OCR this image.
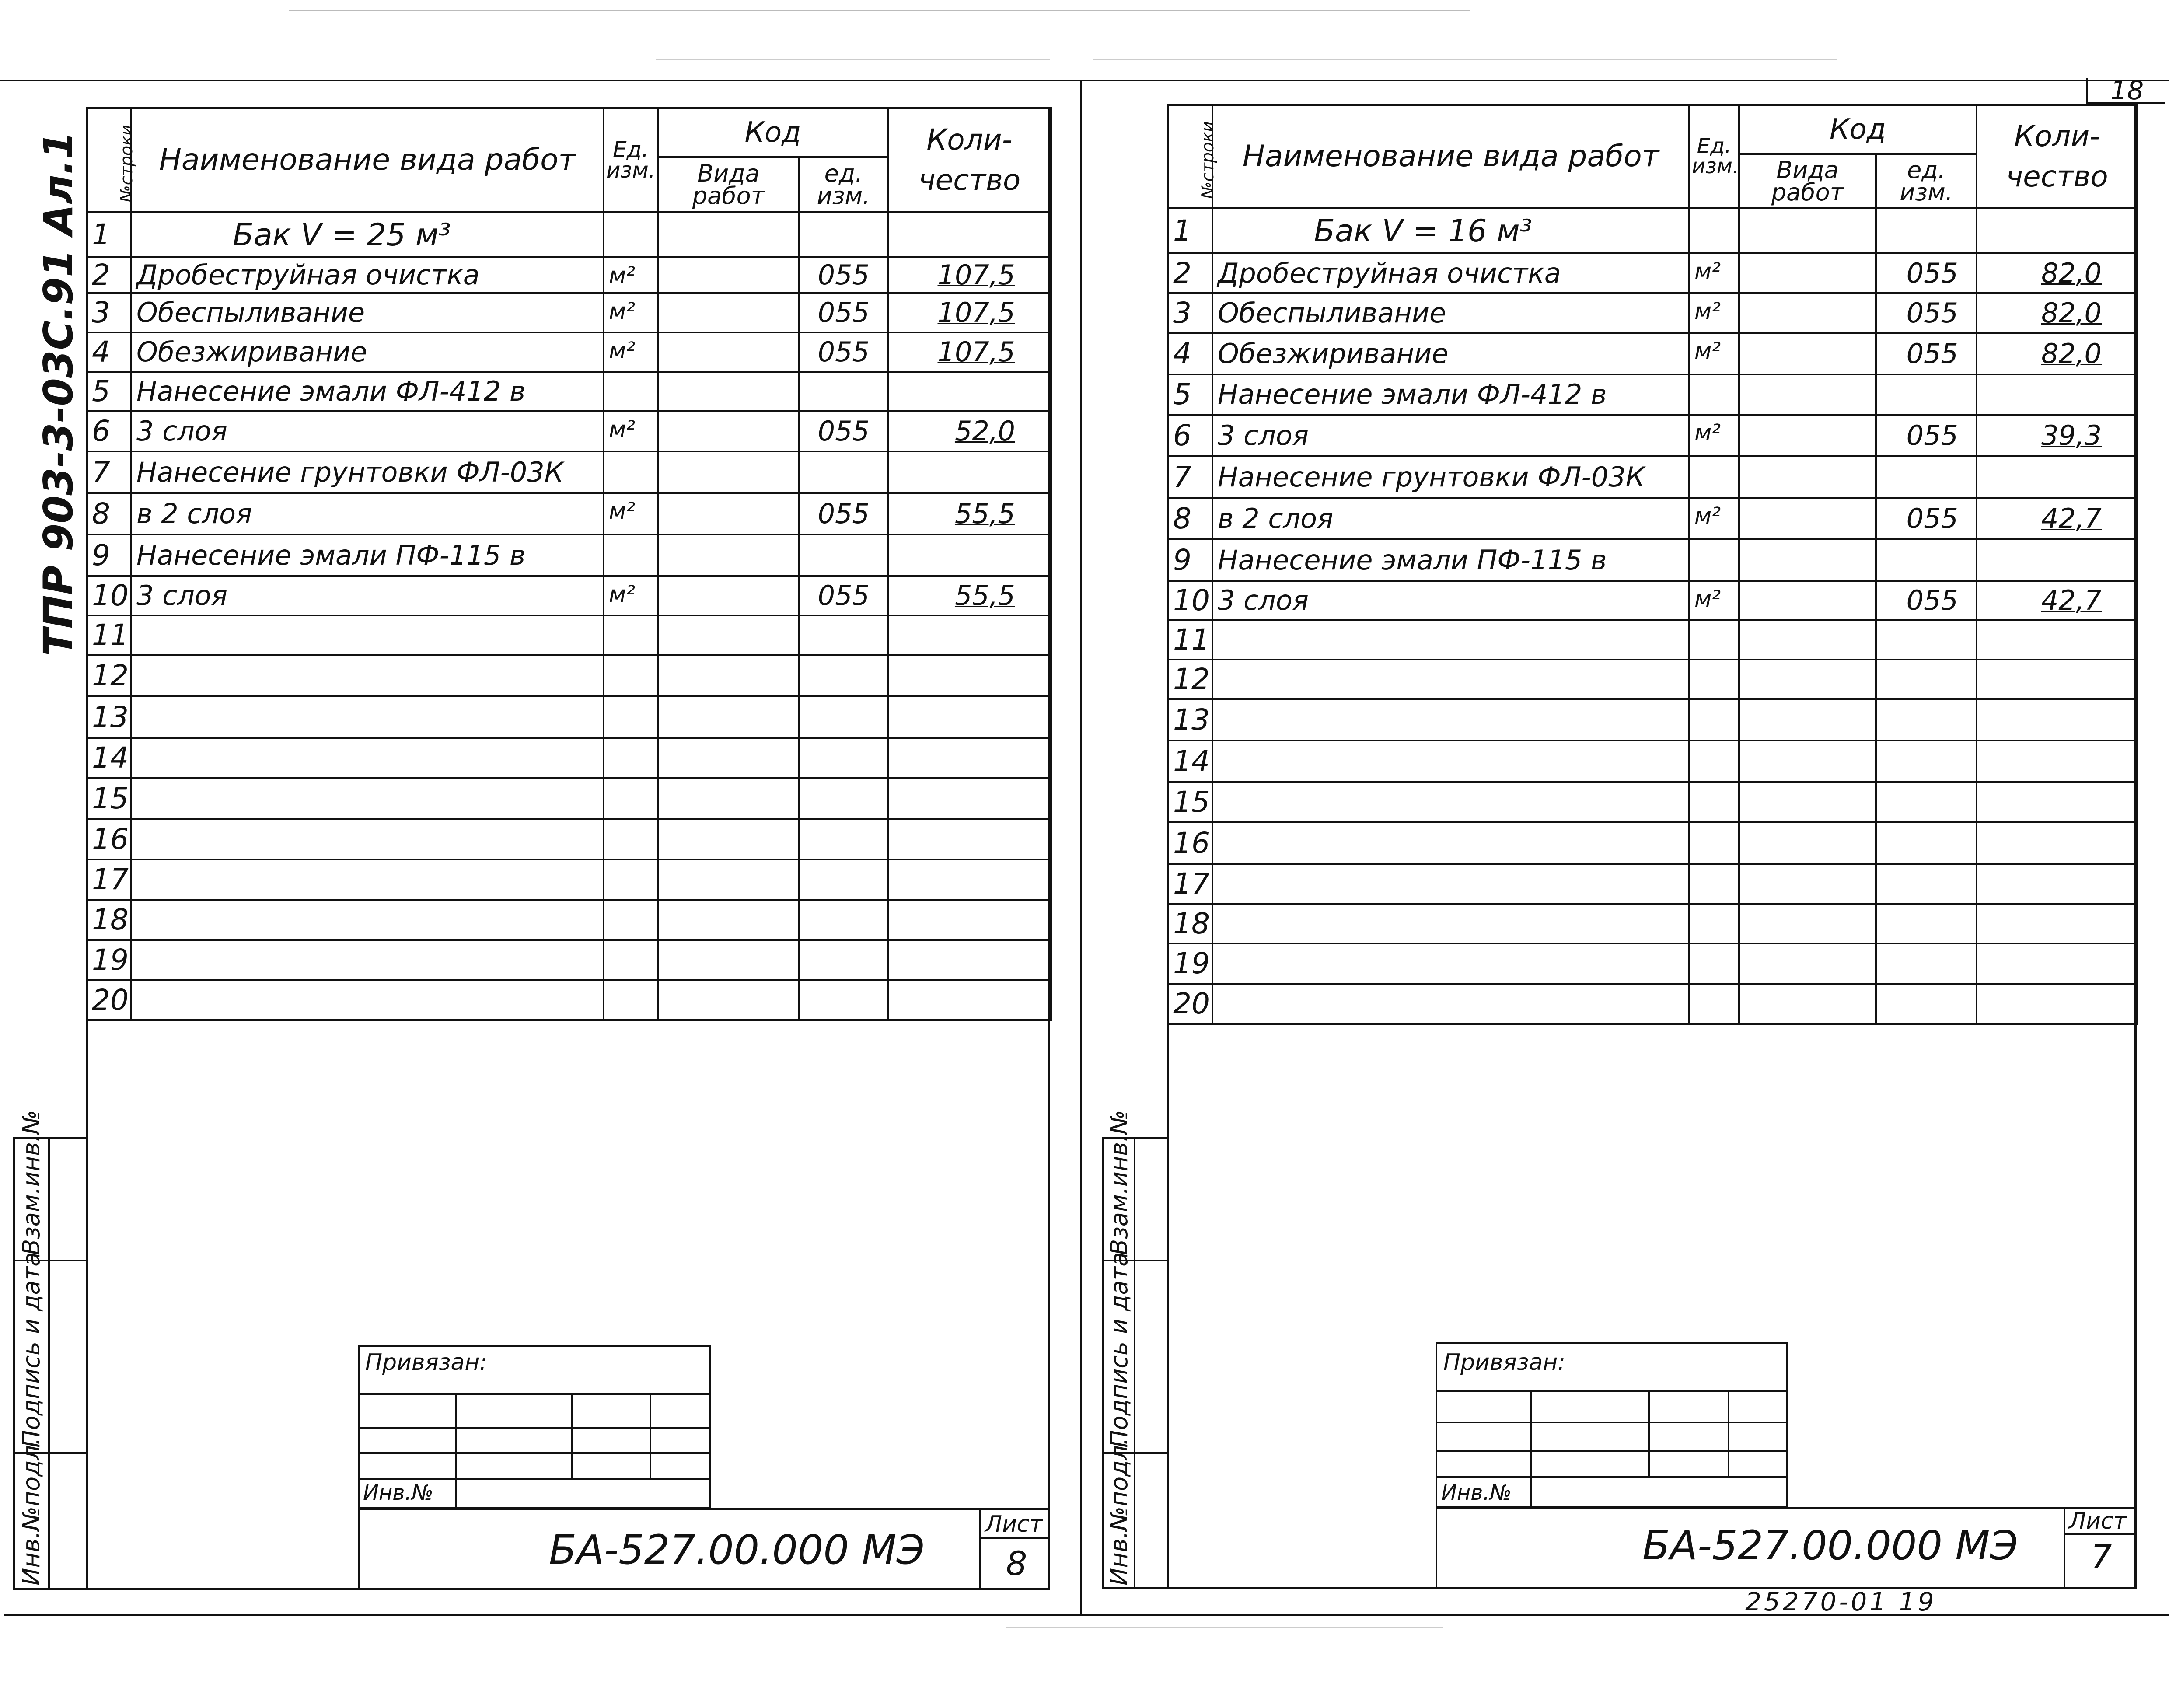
18
ТПР 903-3-03С.91 Ал.1
Взам.инв.№
Подпись и дата
Инв.№подл.
№строки	Наименование вида работ	Ед. изм.	Код		Коли- чество
			Вида работ	ед. изм.	
1	Бак V = 25 м³				
2	Дробеструйная очистка	м²		055	107,5
3	Обеспыливание	м²		055	107,5
4	Обезжиривание	м²		055	107,5
5	Нанесение эмали ФЛ-412 в				
6	3 слоя	м²		055	52,0
7	Нанесение грунтовки ФЛ-03К				
8	в 2 слоя	м²		055	55,5
9	Нанесение эмали ПФ-115 в				
10	3 слоя	м²		055	55,5
11					
12					
13					
14					
15					
16					
17					
18					
19					
20					
Привязан:
Инв.№
БА-527.00.000 МЭ
Лист
8
Взам.инв.№
Подпись и дата
Инв.№подл.
№строки	Наименование вида работ	Ед. изм.	Код		Коли- чество
			Вида работ	ед. изм.	
1	Бак V = 16 м³				
2	Дробеструйная очистка	м²		055	82,0
3	Обеспыливание	м²		055	82,0
4	Обезжиривание	м²		055	82,0
5	Нанесение эмали ФЛ-412 в				
6	3 слоя	м²		055	39,3
7	Нанесение грунтовки ФЛ-03К				
8	в 2 слоя	м²		055	42,7
9	Нанесение эмали ПФ-115 в				
10	3 слоя	м²		055	42,7
11					
12					
13					
14					
15					
16					
17					
18					
19					
20					
Привязан:
Инв.№
БА-527.00.000 МЭ
Лист
7
25270-01 19
